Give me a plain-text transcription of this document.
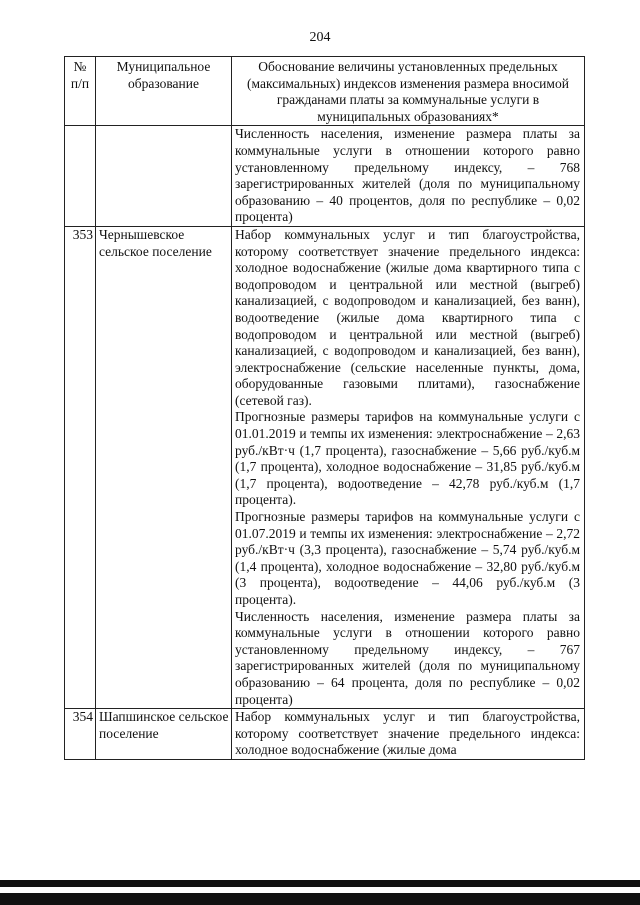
204
№ п/п	Муниципальное образование	Обоснование величины установленных предельных (максимальных) индексов изменения размера вносимой гражданами платы за коммунальные услуги в муниципальных образованиях*

		Численность населения, изменение размера платы за коммунальные услуги в отношении которого равно установленному предельному индексу, – 768 зарегистрированных жителей (доля по муниципальному образованию – 40 процентов, доля по республике – 0,02 процента)

353	Чернышевское сельское поселение	Набор коммунальных услуг и тип благоустройства, которому соответствует значение предельного индекса: холодное водоснабжение (жилые дома квартирного типа с водопроводом и центральной или местной (выгреб) канализацией, с водопроводом и канализацией, без ванн), водоотведение (жилые дома квартирного типа с водопроводом и центральной или местной (выгреб) канализацией, с водопроводом и канализацией, без ванн), электроснабжение (сельские населенные пункты, дома, оборудованные газовыми плитами), газоснабжение (сетевой газ).
Прогнозные размеры тарифов на коммунальные услуги с 01.01.2019 и темпы их изменения: электроснабжение – 2,63 руб./кВт·ч (1,7 процента), газоснабжение – 5,66 руб./куб.м (1,7 процента), холодное водоснабжение – 31,85 руб./куб.м (1,7 процента), водоотведение – 42,78 руб./куб.м (1,7 процента).
Прогнозные размеры тарифов на коммунальные услуги с 01.07.2019 и темпы их изменения: электроснабжение – 2,72 руб./кВт·ч (3,3 процента), газоснабжение – 5,74 руб./куб.м (1,4 процента), холодное водоснабжение – 32,80 руб./куб.м (3 процента), водоотведение – 44,06 руб./куб.м (3 процента).
Численность населения, изменение размера платы за коммунальные услуги в отношении которого равно установленному предельному индексу, – 767 зарегистрированных жителей (доля по муниципальному образованию – 64 процента, доля по республике – 0,02 процента)

354	Шапшинское сельское поселение	Набор коммунальных услуг и тип благоустройства, которому соответствует значение предельного индекса: холодное водоснабжение (жилые дома
